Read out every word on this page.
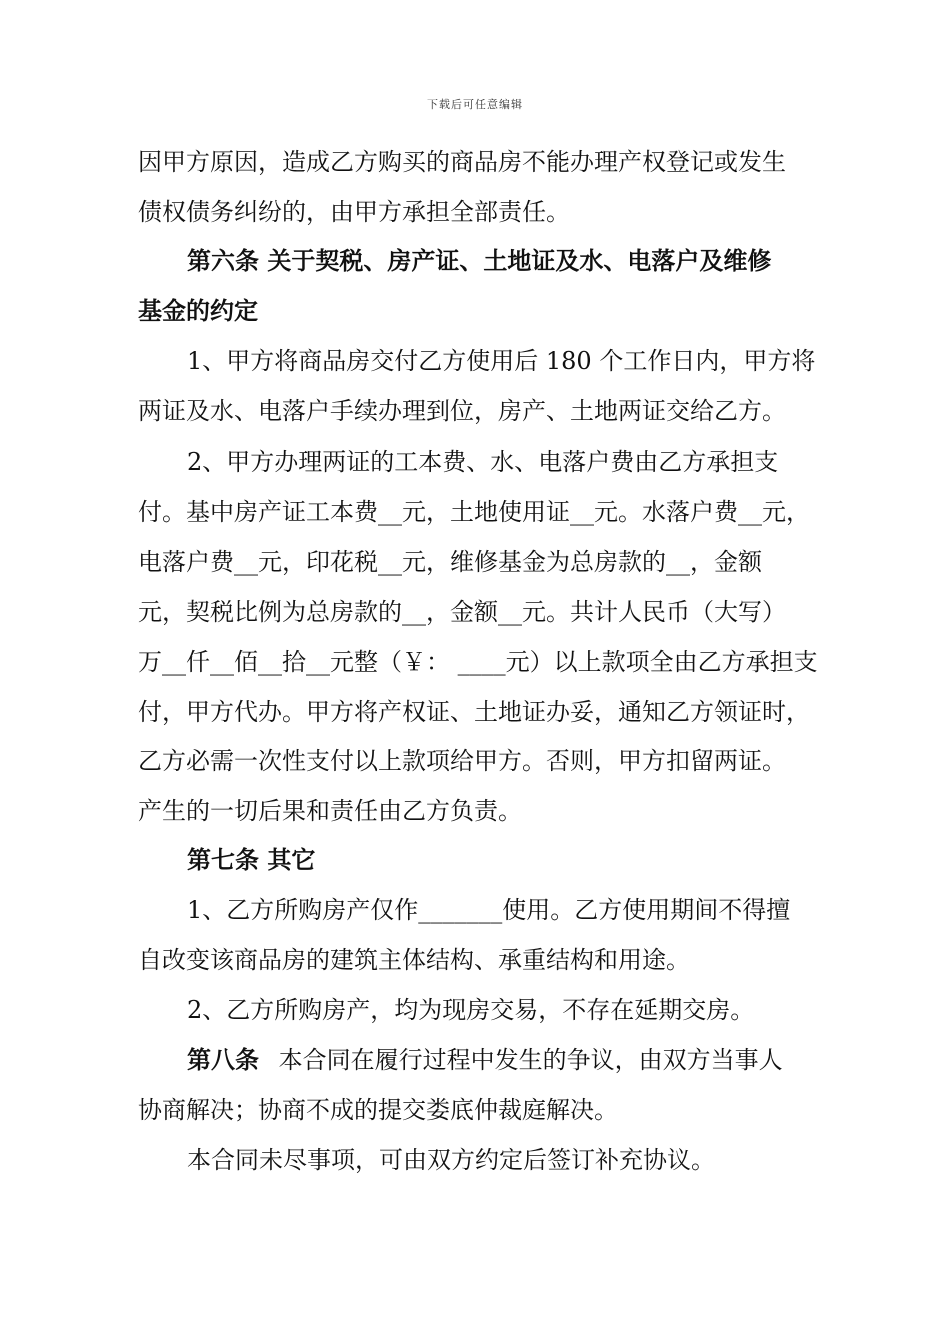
下载后可任意编辑
因甲方原因，造成乙方购买的商品房不能办理产权登记或发生
债权债务纠纷的，由甲方承担全部责任。
第六条 关于契税、房产证、土地证及水、电落户及维修
基金的约定
1、甲方将商品房交付乙方使用后 180 个工作日内，甲方将
两证及水、电落户手续办理到位，房产、土地两证交给乙方。
2、甲方办理两证的工本费、水、电落户费由乙方承担支
付。基中房产证工本费__元，土地使用证__元。水落户费__元，
电落户费__元，印花税__元，维修基金为总房款的__，金额
元，契税比例为总房款的__，金额__元。共计人民币（大写）
万__仟__佰__拾__元整（￥： ____元）以上款项全由乙方承担支
付，甲方代办。甲方将产权证、土地证办妥，通知乙方领证时，
乙方必需一次性支付以上款项给甲方。否则，甲方扣留两证。
产生的一切后果和责任由乙方负责。
第七条 其它
1、乙方所购房产仅作_______使用。乙方使用期间不得擅
自改变该商品房的建筑主体结构、承重结构和用途。
2、乙方所购房产，均为现房交易，不存在延期交房。
第八条 本合同在履行过程中发生的争议，由双方当事人
协商解决；协商不成的提交娄底仲裁庭解决。
本合同未尽事项，可由双方约定后签订补充协议。
